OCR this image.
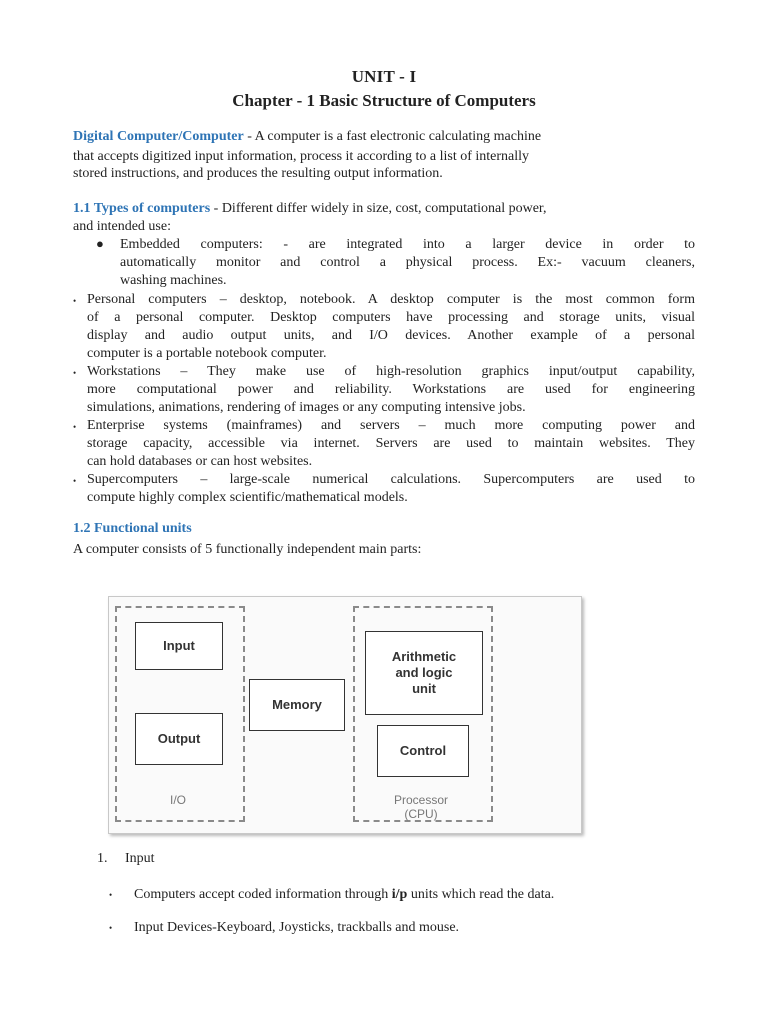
UNIT - I
Chapter - 1 Basic Structure of Computers
Digital Computer/Computer - A computer is a fast electronic calculating machine
that accepts digitized input information, process it according to a list of internally
stored instructions, and produces the resulting output information.
1.1 Types of computers - Different differ widely in size, cost, computational power,
and intended use:
● Embedded computers: - are integrated into a larger device in order to
automatically monitor and control a physical process. Ex:- vacuum cleaners,
washing machines.
• Personal computers – desktop, notebook. A desktop computer is the most common form
of a personal computer. Desktop computers have processing and storage units, visual
display and audio output units, and I/O devices. Another example of a personal
computer is a portable notebook computer.
• Workstations – They make use of high-resolution graphics input/output capability,
more computational power and reliability. Workstations are used for engineering
simulations, animations, rendering of images or any computing intensive jobs.
• Enterprise systems (mainframes) and servers – much more computing power and
storage capacity, accessible via internet. Servers are used to maintain websites. They
can hold databases or can host websites.
• Supercomputers – large-scale numerical calculations. Supercomputers are used to
compute highly complex scientific/mathematical models.
1.2 Functional units
A computer consists of 5 functionally independent main parts:
1. Input
• Computers accept coded information through i/p units which read the data.
• Input Devices-Keyboard, Joysticks, trackballs and mouse.
Input
Output
I/O
Memory
Arithmetic
and logic
unit
Control
Processor
(CPU)
